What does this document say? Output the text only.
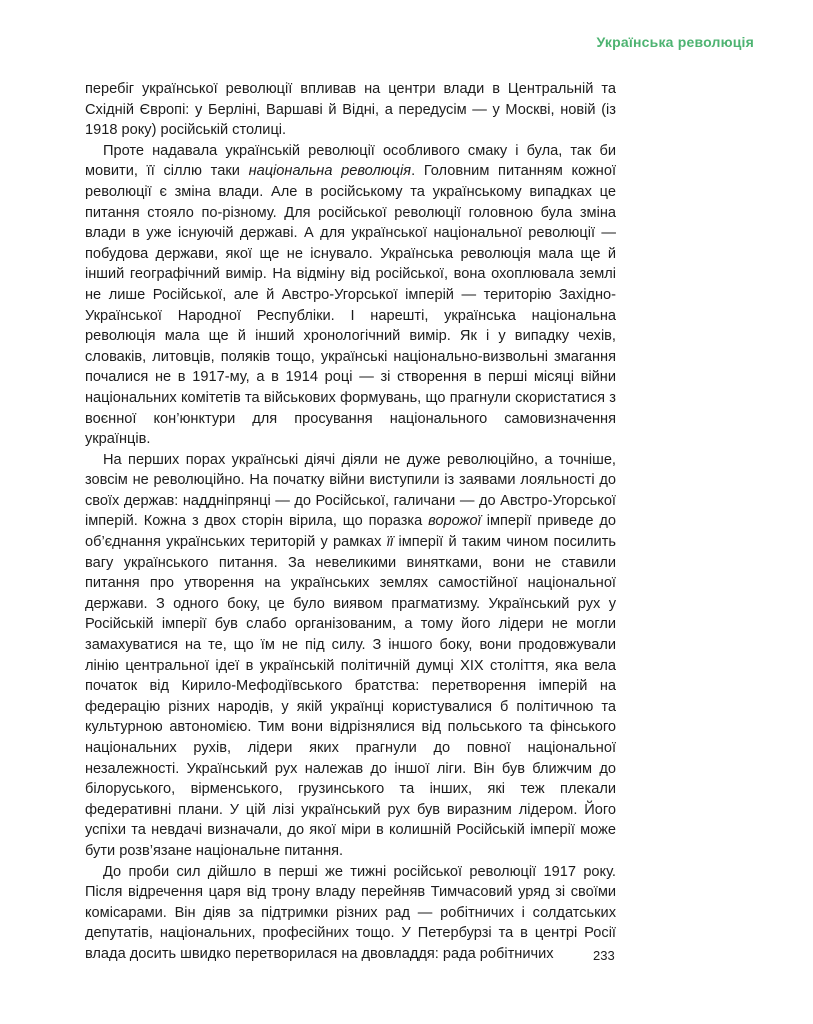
Українська революція

перебіг української революції впливав на центри влади в Центральній та Східній Європі: у Берліні, Варшаві й Відні, а передусім — у Москві, новій (із 1918 року) російській столиці.

Проте надавала українській революції особливого смаку і була, так би мовити, її сіллю таки національна революція. Головним питанням кожної революції є зміна влади. Але в російському та українському випадках це питання стояло по-різному. Для російської революції головною була зміна влади в уже існуючій державі. А для української національної революції — побудова держави, якої ще не існувало. Українська революція мала ще й інший географічний вимір. На відміну від російської, вона охоплювала землі не лише Російської, але й Австро-Угорської імперій — територію Західно-Української Народної Республіки. І нарешті, українська національна революція мала ще й інший хронологічний вимір. Як і у випадку чехів, словаків, литовців, поляків тощо, українські національно-визвольні змагання почалися не в 1917-му, а в 1914 році — зі створення в перші місяці війни національних комітетів та військових формувань, що прагнули скористатися з воєнної кон’юнктури для просування національного самовизначення українців.

На перших порах українські діячі діяли не дуже революційно, а точніше, зовсім не революційно. На початку війни виступили із заявами лояльності до своїх держав: наддніпрянці — до Російської, галичани — до Австро-Угорської імперій. Кожна з двох сторін вірила, що поразка ворожої імперії приведе до об’єднання українських територій у рамках її імперії й таким чином посилить вагу українського питання. За невеликими винятками, вони не ставили питання про утворення на українських землях самостійної національної держави. З одного боку, це було виявом прагматизму. Український рух у Російській імперії був слабо організованим, а тому його лідери не могли замахуватися на те, що їм не під силу. З іншого боку, вони продовжували лінію центральної ідеї в українській політичній думці XIX століття, яка вела початок від Кирило-Мефодіївського братства: перетворення імперій на федерацію різних народів, у якій українці користувалися б політичною та культурною автономією. Тим вони відрізнялися від польського та фінського національних рухів, лідери яких прагнули до повної національної незалежності. Український рух належав до іншої ліги. Він був ближчим до білоруського, вірменського, грузинського та інших, які теж плекали федеративні плани. У цій лізі український рух був виразним лідером. Його успіхи та невдачі визначали, до якої міри в колишній Російській імперії може бути розв’язане національне питання.

До проби сил дійшло в перші же тижні російської революції 1917 року. Після відречення царя від трону владу перейняв Тимчасовий уряд зі своїми комісарами. Він діяв за підтримки різних рад — робітничих і солдатських депутатів, національних, професійних тощо. У Петербурзі та в центрі Росії влада досить швидко перетворилася на двовладдя: рада робітничих	233
